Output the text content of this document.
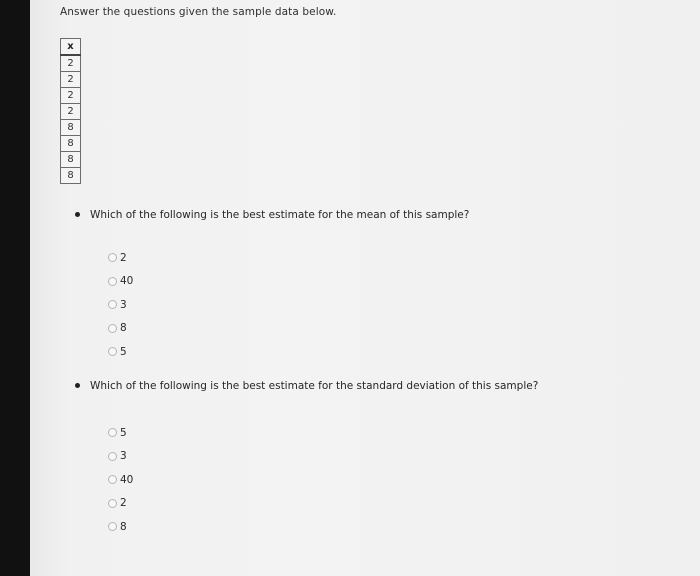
Answer the questions given the sample data below.
x
2
2
2
2
8
8
8
8
Which of the following is the best estimate for the mean of this sample?
2
40
3
8
5
Which of the following is the best estimate for the standard deviation of this sample?
5
3
40
2
8
